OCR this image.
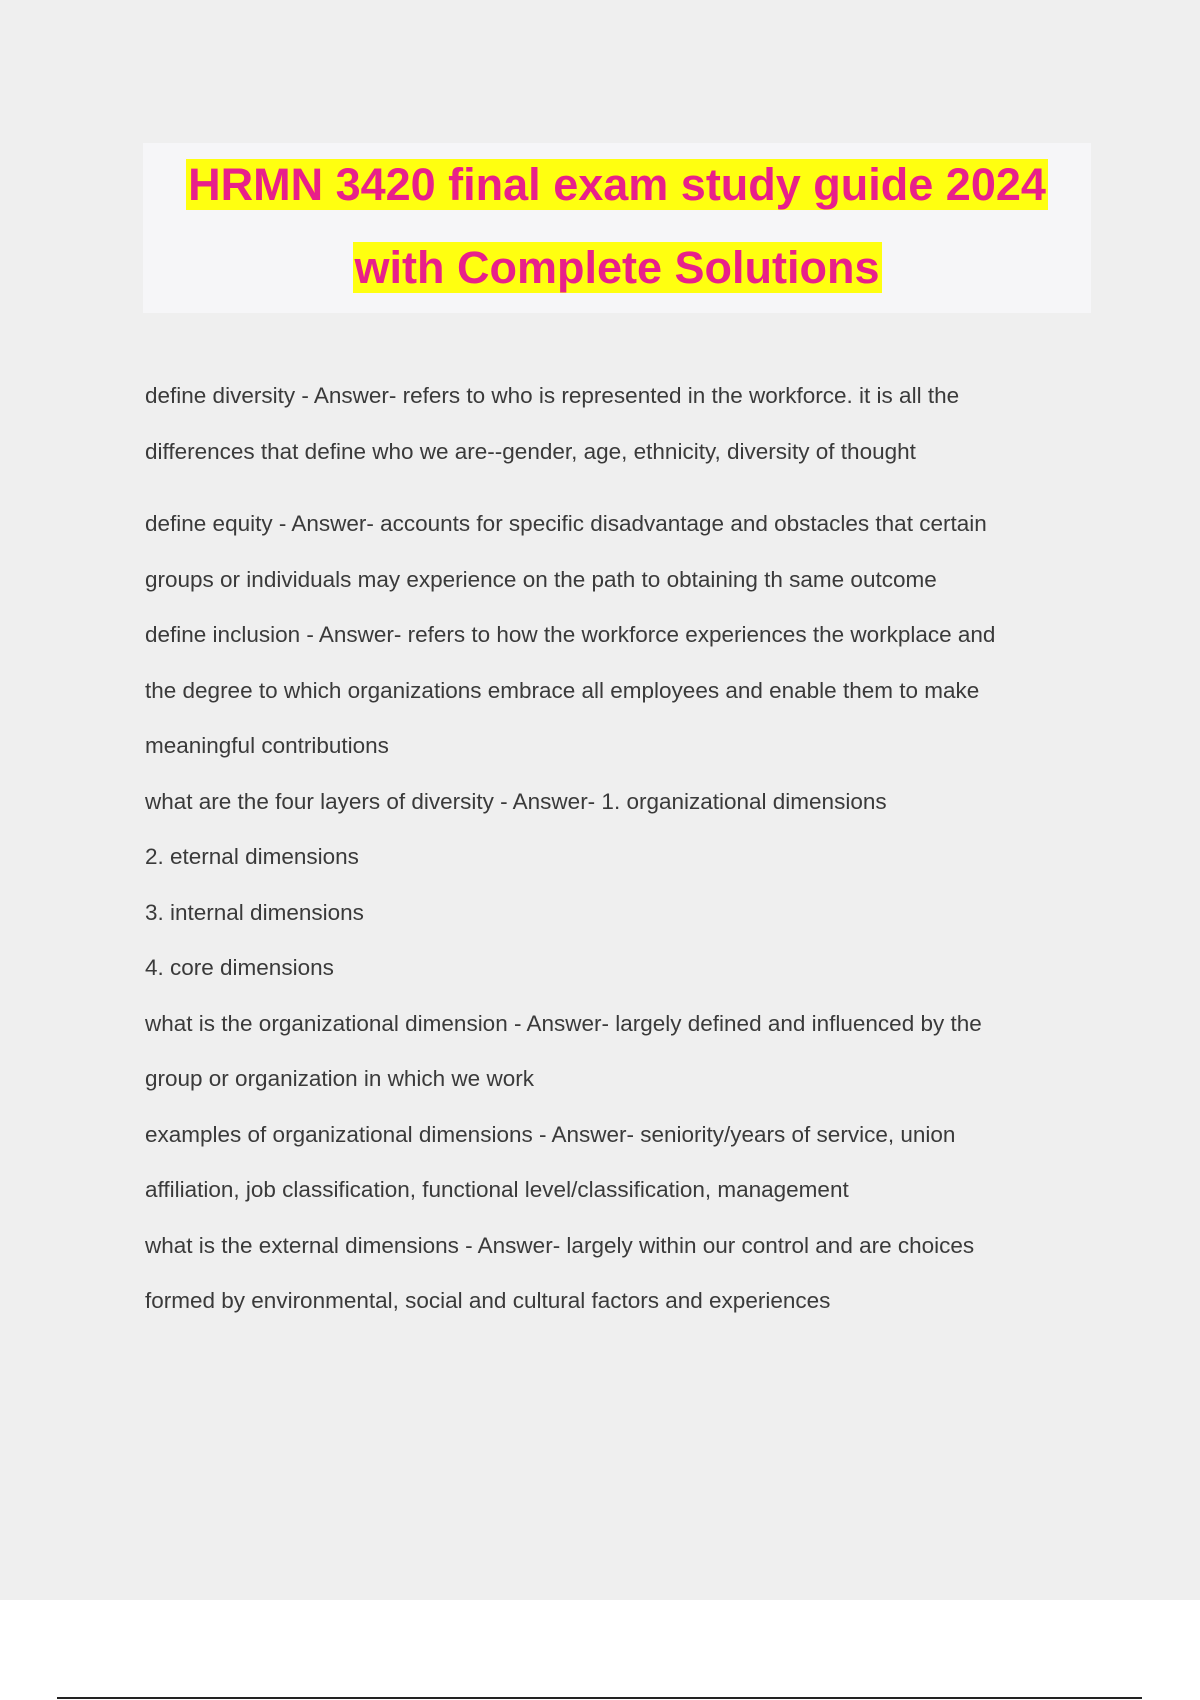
HRMN 3420 final exam study guide 2024
with Complete Solutions
define diversity - Answer- refers to who is represented in the workforce. it is all the
differences that define who we are--gender, age, ethnicity, diversity of thought
define equity - Answer- accounts for specific disadvantage and obstacles that certain
groups or individuals may experience on the path to obtaining th same outcome
define inclusion - Answer- refers to how the workforce experiences the workplace and
the degree to which organizations embrace all employees and enable them to make
meaningful contributions
what are the four layers of diversity - Answer- 1. organizational dimensions
2. eternal dimensions
3. internal dimensions
4. core dimensions
what is the organizational dimension - Answer- largely defined and influenced by the
group or organization in which we work
examples of organizational dimensions - Answer- seniority/years of service, union
affiliation, job classification, functional level/classification, management
what is the external dimensions - Answer- largely within our control and are choices
formed by environmental, social and cultural factors and experiences
